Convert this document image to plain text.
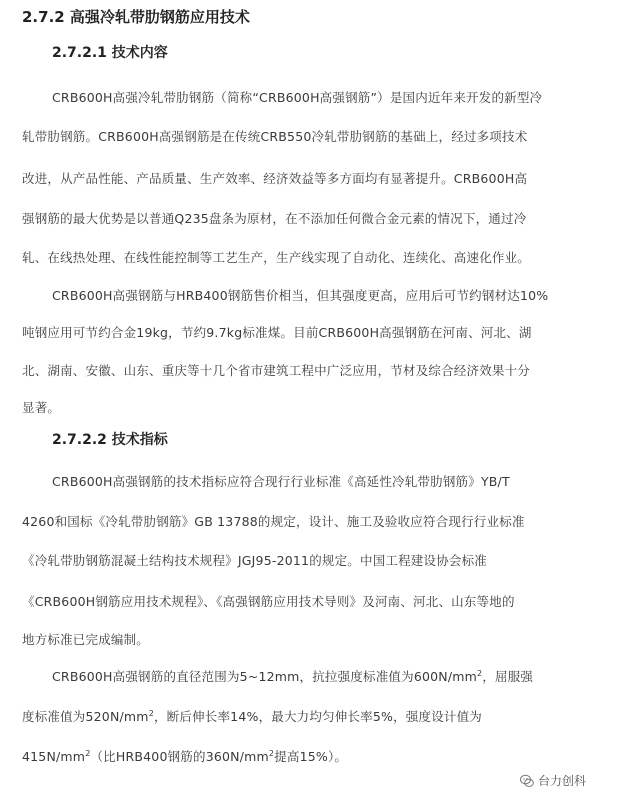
2.7.2 高强冷轧带肋钢筋应用技术
2.7.2.1 技术内容
CRB600H高强冷轧带肋钢筋（简称“CRB600H高强钢筋”）是国内近年来开发的新型冷
轧带肋钢筋。CRB600H高强钢筋是在传统CRB550冷轧带肋钢筋的基础上，经过多项技术
改进，从产品性能、产品质量、生产效率、经济效益等多方面均有显著提升。CRB600H高
强钢筋的最大优势是以普通Q235盘条为原材，在不添加任何微合金元素的情况下，通过冷
轧、在线热处理、在线性能控制等工艺生产，生产线实现了自动化、连续化、高速化作业。
CRB600H高强钢筋与HRB400钢筋售价相当，但其强度更高，应用后可节约钢材达10%
吨钢应用可节约合金19kg，节约9.7kg标准煤。目前CRB600H高强钢筋在河南、河北、湖
北、湖南、安徽、山东、重庆等十几个省市建筑工程中广泛应用，节材及综合经济效果十分
显著。
2.7.2.2 技术指标
CRB600H高强钢筋的技术指标应符合现行行业标准《高延性冷轧带肋钢筋》YB/T
4260和国标《冷轧带肋钢筋》GB 13788的规定，设计、施工及验收应符合现行行业标准
《冷轧带肋钢筋混凝土结构技术规程》JGJ95-2011的规定。中国工程建设协会标准
《CRB600H钢筋应用技术规程》、《高强钢筋应用技术导则》及河南、河北、山东等地的
地方标准已完成编制。
CRB600H高强钢筋的直径范围为5~12mm，抗拉强度标准值为$600N/mm^2$，屈服强
度标准值为$520N/mm^2$，断后伸长率14%，最大力均匀伸长率5%，强度设计值为
$415N/mm^2$（比HRB400钢筋的$360N/mm^2$提高15%）。
台力创科
